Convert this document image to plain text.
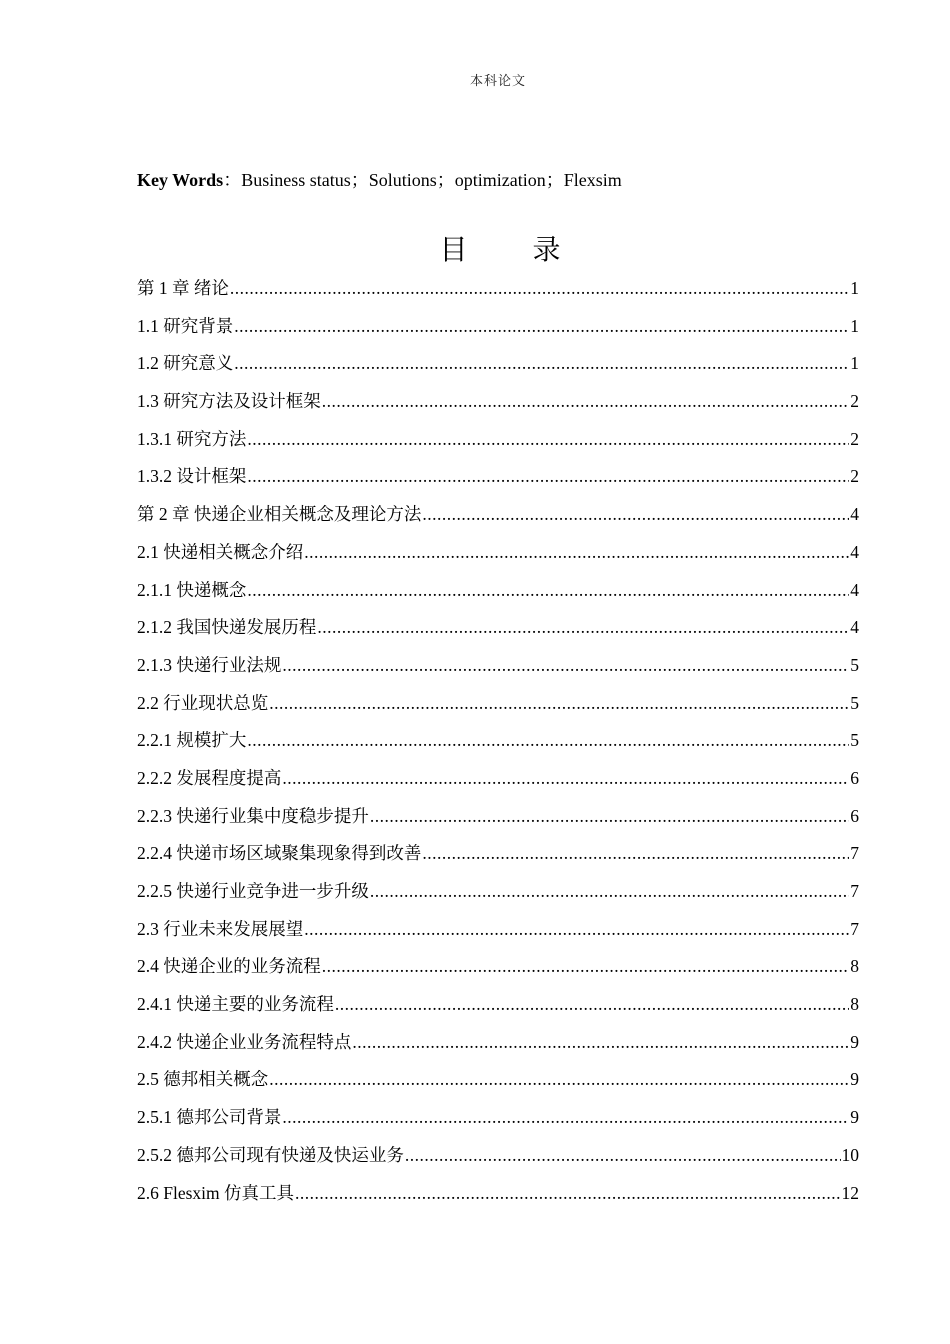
本科论文
Key Words：Business status；Solutions；optimization；Flexsim
目 录
第 1 章 绪论 .....	1
1.1 研究背景 .....	1
1.2 研究意义 .....	1
1.3 研究方法及设计框架 .....	2
1.3.1 研究方法 .....	2
1.3.2 设计框架 .....	2
第 2 章 快递企业相关概念及理论方法 .....	4
2.1 快递相关概念介绍 .....	4
2.1.1 快递概念 .....	4
2.1.2 我国快递发展历程 .....	4
2.1.3 快递行业法规 .....	5
2.2 行业现状总览 .....	5
2.2.1 规模扩大 .....	5
2.2.2 发展程度提高 .....	6
2.2.3 快递行业集中度稳步提升 .....	6
2.2.4 快递市场区域聚集现象得到改善 .....	7
2.2.5 快递行业竞争进一步升级 .....	7
2.3 行业未来发展展望 .....	7
2.4 快递企业的业务流程 .....	8
2.4.1 快递主要的业务流程 .....	8
2.4.2 快递企业业务流程特点 .....	9
2.5 德邦相关概念 .....	9
2.5.1 德邦公司背景 .....	9
2.5.2 德邦公司现有快递及快运业务 .....	10
2.6 Flesxim 仿真工具 .....	12
